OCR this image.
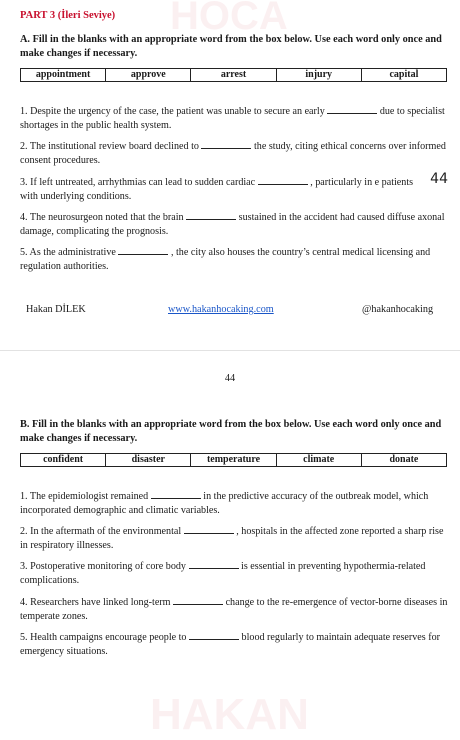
HOCA
HAKAN

PART 3 (İleri Seviye)

A. Fill in the blanks with an appropriate word from the box below. Use each word only once and make changes if necessary.

appointment	approve	arrest	injury	capital

1. Despite the urgency of the case, the patient was unable to secure an early	due to specialist shortages in the public health system.

2. The institutional review board declined to	the study, citing ethical concerns over informed consent procedures.

3. If left untreated, arrhythmias can lead to sudden cardiac	, particularly in e patients with underlying conditions.

44

4. The neurosurgeon noted that the brain	sustained in the accident had caused diffuse axonal damage, complicating the prognosis.

5. As the administrative	, the city also houses the country’s central medical licensing and regulation authorities.

Hakan DİLEK	www.hakanhocaking.com	@hakanhocaking
44

B. Fill in the blanks with an appropriate word from the box below. Use each word only once and make changes if necessary.

confident	disaster	temperature	climate	donate

1. The epidemiologist remained	in the predictive accuracy of the outbreak model, which incorporated demographic and climatic variables.

2. In the aftermath of the environmental	, hospitals in the affected zone reported a sharp rise in respiratory illnesses.

3. Postoperative monitoring of core body	is essential in preventing hypothermia-related complications.

4. Researchers have linked long-term	change to the re-emergence of vector-borne diseases in temperate zones.

5. Health campaigns encourage people to	blood regularly to maintain adequate reserves for emergency situations.
